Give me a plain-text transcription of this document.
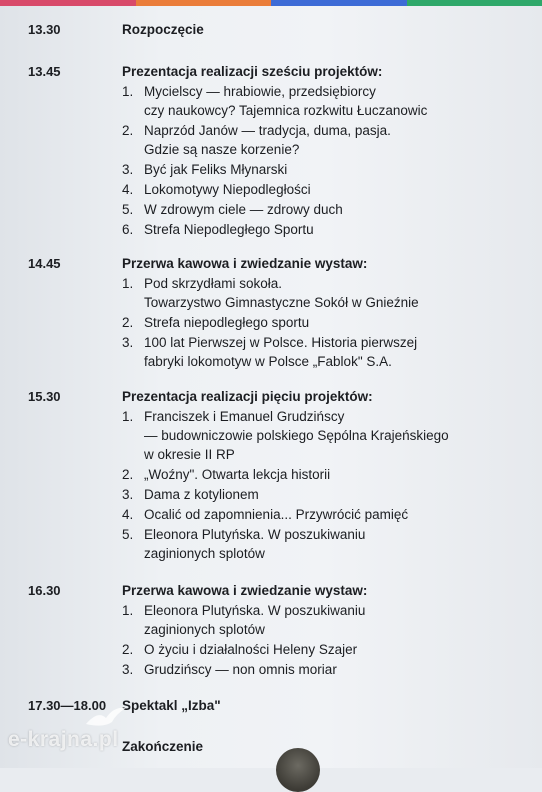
13.30	Rozpoczęcie
13.45	Prezentacja realizacji sześciu projektów:
1. Mycielscy — hrabiowie, przedsiębiorcy
czy naukowcy? Tajemnica rozkwitu Łuczanowic
2. Naprzód Janów — tradycja, duma, pasja.
Gdzie są nasze korzenie?
3. Być jak Feliks Młynarski
4. Lokomotywy Niepodległości
5. W zdrowym ciele — zdrowy duch
6. Strefa Niepodległego Sportu
14.45	Przerwa kawowa i zwiedzanie wystaw:
1. Pod skrzydłami sokoła.
Towarzystwo Gimnastyczne Sokół w Gnieźnie
2. Strefa niepodległego sportu
3. 100 lat Pierwszej w Polsce. Historia pierwszej
fabryki lokomotyw w Polsce „Fablok" S.A.
15.30	Prezentacja realizacji pięciu projektów:
1. Franciszek i Emanuel Grudzińscy
— budowniczowie polskiego Sępólna Krajeńskiego
w okresie II RP
2. „Woźny". Otwarta lekcja historii
3. Dama z kotylionem
4. Ocalić od zapomnienia... Przywrócić pamięć
5. Eleonora Plutyńska. W poszukiwaniu
zaginionych splotów
16.30	Przerwa kawowa i zwiedzanie wystaw:
1. Eleonora Plutyńska. W poszukiwaniu
zaginionych splotów
2. O życiu i działalności Heleny Szajer
3. Grudzińscy — non omnis moriar
17.30—18.00 Spektakl „Izba"
Zakończenie
e-krajna.pl
